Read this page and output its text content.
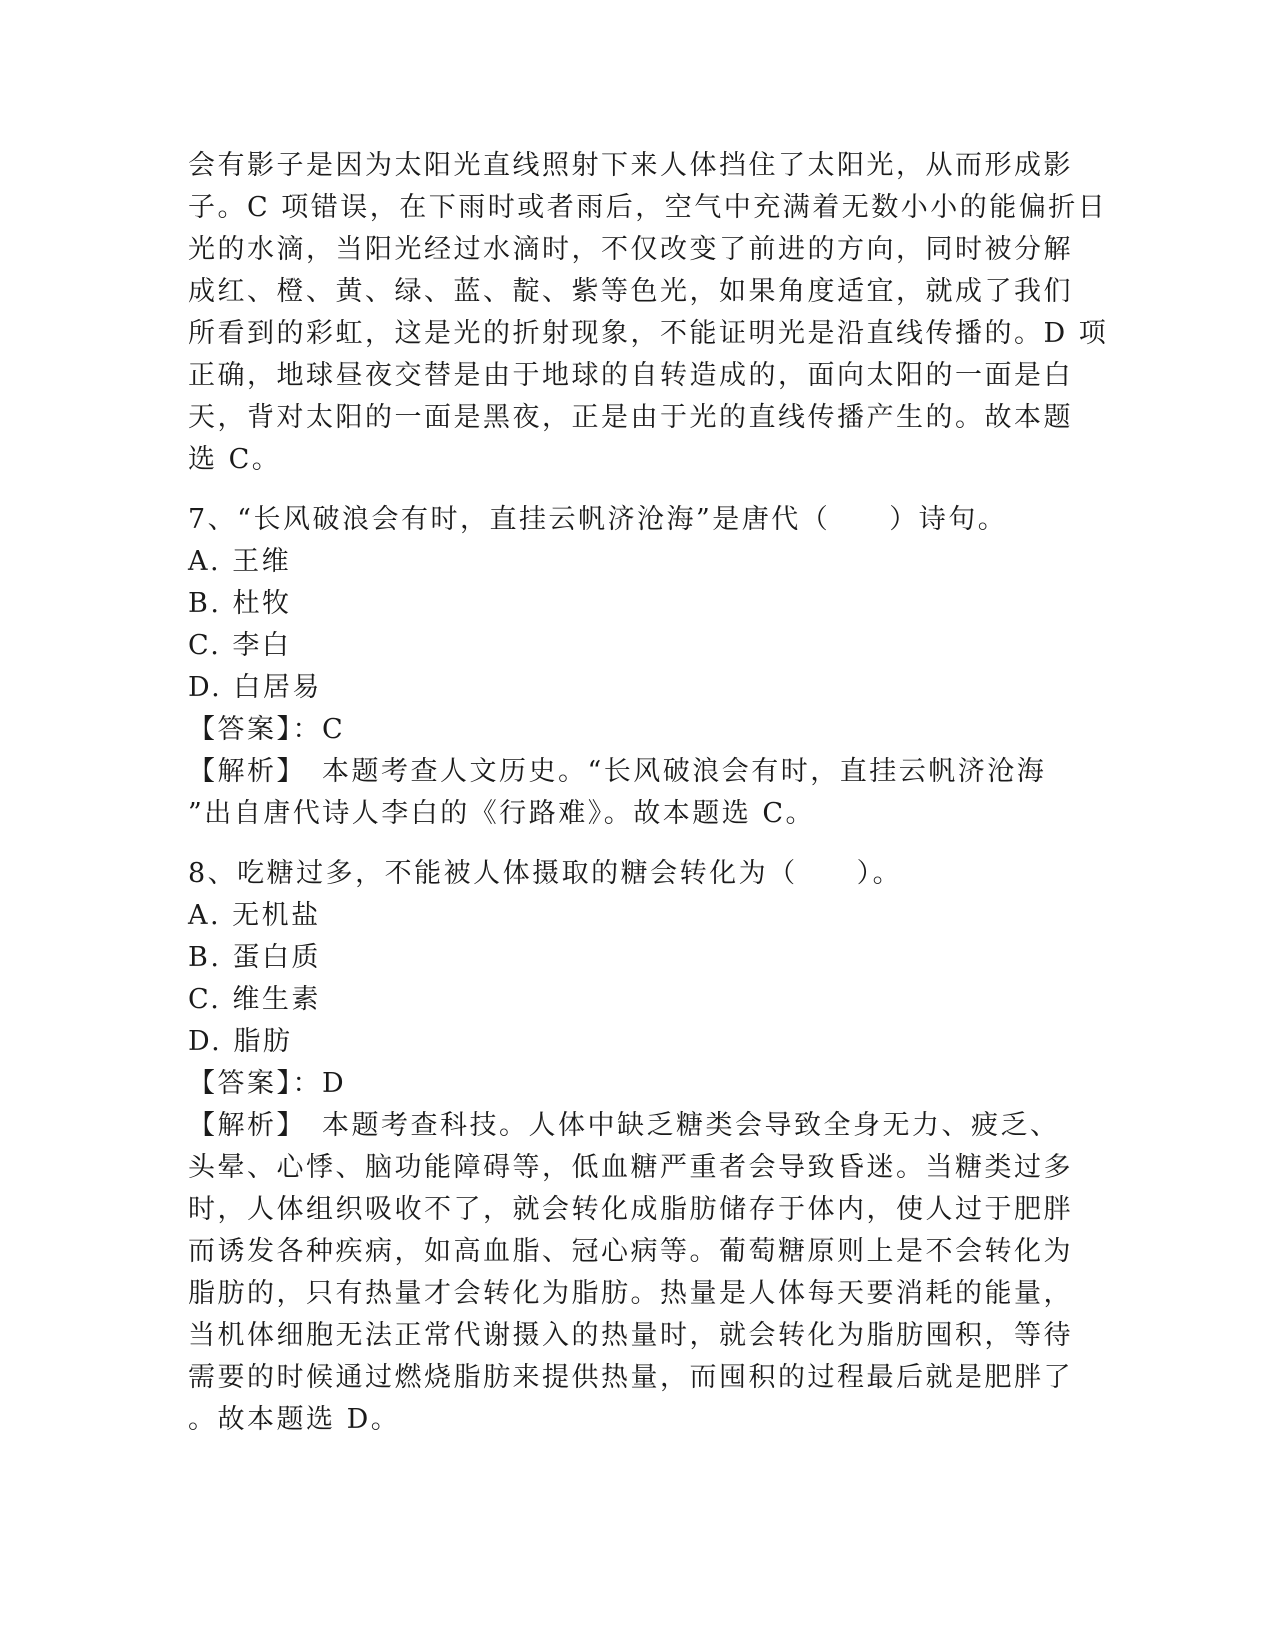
会有影子是因为太阳光直线照射下来人体挡住了太阳光，从而形成影
子。C 项错误，在下雨时或者雨后，空气中充满着无数小小的能偏折日
光的水滴，当阳光经过水滴时，不仅改变了前进的方向，同时被分解
成红、橙、黄、绿、蓝、靛、紫等色光，如果角度适宜，就成了我们
所看到的彩虹，这是光的折射现象，不能证明光是沿直线传播的。D 项
正确，地球昼夜交替是由于地球的自转造成的，面向太阳的一面是白
天，背对太阳的一面是黑夜，正是由于光的直线传播产生的。故本题
选 C。
7、“长风破浪会有时，直挂云帆济沧海”是唐代（　　）诗句。
A. 王维
B. 杜牧
C. 李白
D. 白居易
【答案】：C
【解析】　本题考查人文历史。“长风破浪会有时，直挂云帆济沧海
”出自唐代诗人李白的《行路难》。故本题选 C。
8、吃糖过多，不能被人体摄取的糖会转化为（　　）。
A. 无机盐
B. 蛋白质
C. 维生素
D. 脂肪
【答案】：D
【解析】　本题考查科技。人体中缺乏糖类会导致全身无力、疲乏、
头晕、心悸、脑功能障碍等，低血糖严重者会导致昏迷。当糖类过多
时，人体组织吸收不了，就会转化成脂肪储存于体内，使人过于肥胖
而诱发各种疾病，如高血脂、冠心病等。葡萄糖原则上是不会转化为
脂肪的，只有热量才会转化为脂肪。热量是人体每天要消耗的能量，
当机体细胞无法正常代谢摄入的热量时，就会转化为脂肪囤积，等待
需要的时候通过燃烧脂肪来提供热量，而囤积的过程最后就是肥胖了
。故本题选 D。
